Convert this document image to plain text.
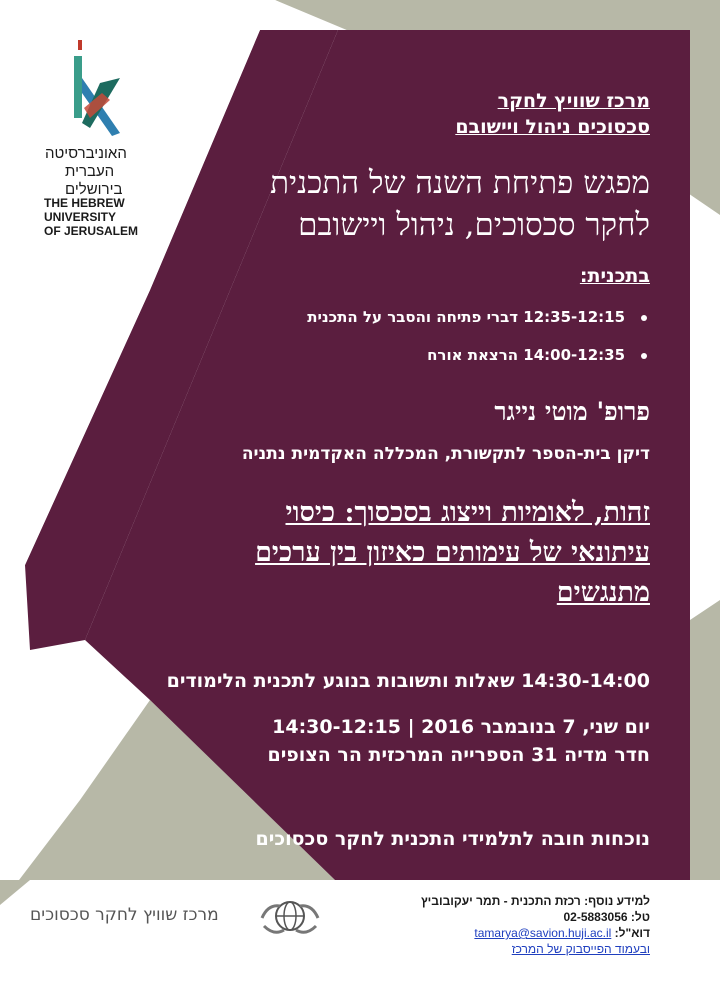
האוניברסיטה
העברית
בירושלים
THE HEBREW
UNIVERSITY
OF JERUSALEM
מרכז שוויץ לחקר
סכסוכים ניהול ויישובם
מפגש פתיחת השנה של התכנית
לחקר סכסוכים, ניהול ויישובם
בתכנית:
12:35-12:15 דברי פתיחה והסבר על התכנית
14:00-12:35 הרצאת אורח
פרופ' מוטי נייגר
דיקן בית-הספר לתקשורת, המכללה האקדמית נתניה
זהות, לאומיות וייצוג בסכסוך: כיסוי
עיתונאי של עימותים כאיזון בין ערכים
מתנגשים
14:30-14:00 שאלות ותשובות בנוגע לתכנית הלימודים
יום שני, 7 בנובמבר 2016 | 14:30-12:15
חדר מדיה 31 הספרייה המרכזית הר הצופים
נוכחות חובה לתלמידי התכנית לחקר סכסוכים
מרכז שוויץ לחקר סכסוכים
למידע נוסף: רכזת התכנית - תמר יעקובוביץ
טל: 02-5883056
דוא"ל: tamarya@savion.huji.ac.il
ובעמוד הפייסבוק של המרכז
